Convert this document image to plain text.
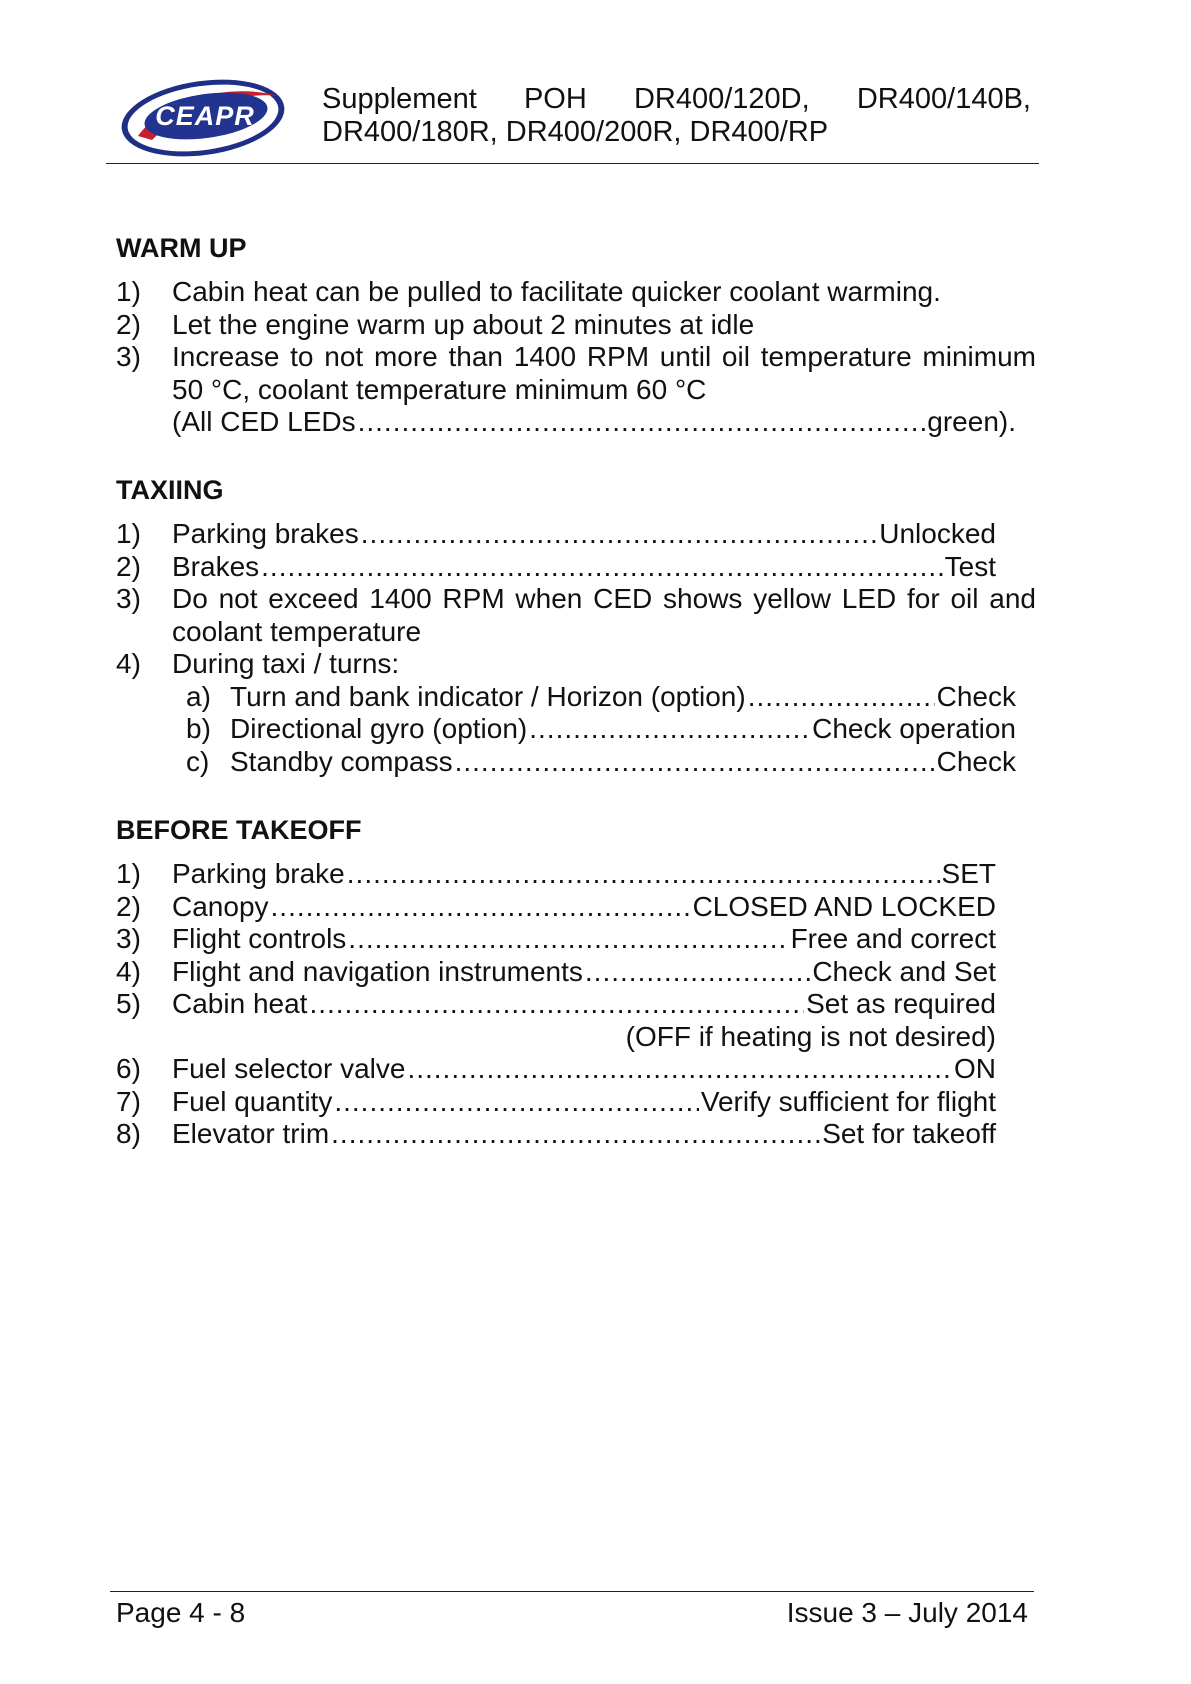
CEAPR
Supplement POH DR400/120D, DR400/140B,
DR400/180R, DR400/200R, DR400/RP
WARM UP
1) Cabin heat can be pulled to facilitate quicker coolant warming.
2) Let the engine warm up about 2 minutes at idle
3) Increase to not more than 1400 RPM until oil temperature minimum
50 °C, coolant temperature minimum 60 °C
(All CED LEDs .....	green).
TAXIING
1) Parking brakes .....	Unlocked
2) Brakes .....	Test
3) Do not exceed 1400 RPM when CED shows yellow LED for oil and
coolant temperature
4) During taxi / turns:
a) Turn and bank indicator / Horizon (option) .....	Check
b) Directional gyro (option) .....	Check operation
c) Standby compass .....	Check
BEFORE TAKEOFF
1) Parking brake .....	SET
2) Canopy .....	CLOSED AND LOCKED
3) Flight controls .....	Free and correct
4) Flight and navigation instruments .....	Check and Set
5) Cabin heat .....	Set as required
(OFF if heating is not desired)
6) Fuel selector valve .....	ON
7) Fuel quantity .....	Verify sufficient for flight
8) Elevator trim .....	Set for takeoff
Page 4 - 8	Issue 3 – July 2014
